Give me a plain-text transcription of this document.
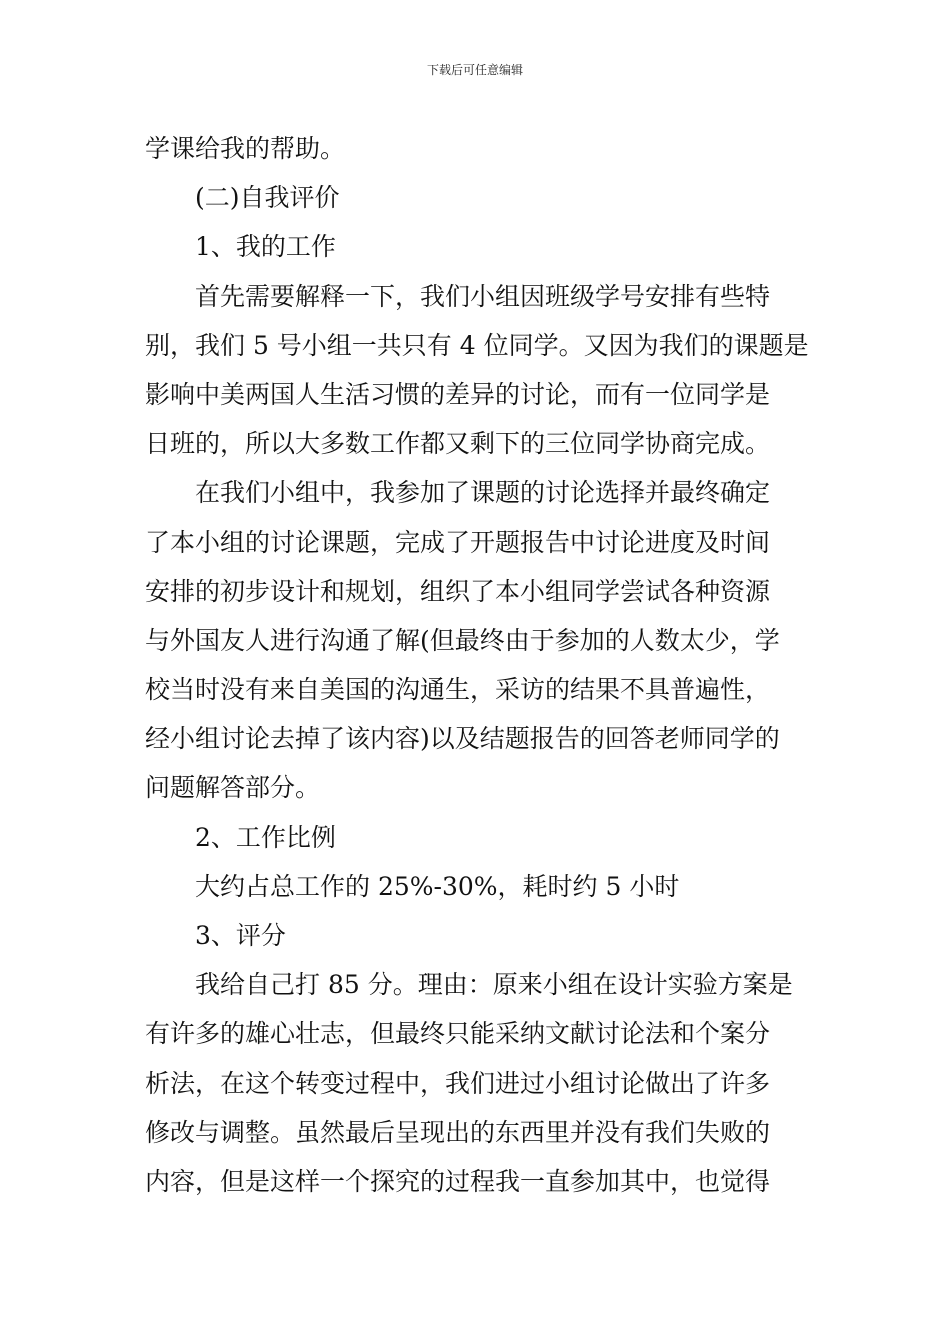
下载后可任意编辑
学课给我的帮助。
(二)自我评价
1、我的工作
首先需要解释一下，我们小组因班级学号安排有些特
别，我们 5 号小组一共只有 4 位同学。又因为我们的课题是
影响中美两国人生活习惯的差异的讨论，而有一位同学是
日班的，所以大多数工作都又剩下的三位同学协商完成。
在我们小组中，我参加了课题的讨论选择并最终确定
了本小组的讨论课题，完成了开题报告中讨论进度及时间
安排的初步设计和规划，组织了本小组同学尝试各种资源
与外国友人进行沟通了解(但最终由于参加的人数太少，学
校当时没有来自美国的沟通生，采访的结果不具普遍性，
经小组讨论去掉了该内容)以及结题报告的回答老师同学的
问题解答部分。
2、工作比例
大约占总工作的 25%-30%，耗时约 5 小时
3、评分
我给自己打 85 分。理由：原来小组在设计实验方案是
有许多的雄心壮志，但最终只能采纳文献讨论法和个案分
析法，在这个转变过程中，我们进过小组讨论做出了许多
修改与调整。虽然最后呈现出的东西里并没有我们失败的
内容，但是这样一个探究的过程我一直参加其中，也觉得
